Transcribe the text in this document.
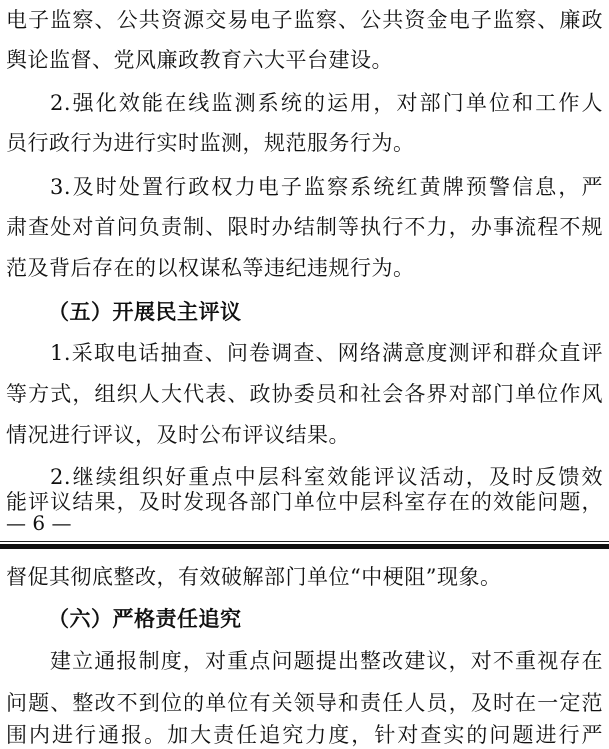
电子监察、公共资源交易电子监察、公共资金电子监察、廉政
舆论监督、党风廉政教育六大平台建设。
2.强化效能在线监测系统的运用，对部门单位和工作人
员行政行为进行实时监测，规范服务行为。
3.及时处置行政权力电子监察系统红黄牌预警信息，严
肃查处对首问负责制、限时办结制等执行不力，办事流程不规
范及背后存在的以权谋私等违纪违规行为。
（五）开展民主评议
1.采取电话抽查、问卷调查、网络满意度测评和群众直评
等方式，组织人大代表、政协委员和社会各界对部门单位作风
情况进行评议，及时公布评议结果。
2.继续组织好重点中层科室效能评议活动，及时反馈效
能评议结果，及时发现各部门单位中层科室存在的效能问题，
— 6 —
督促其彻底整改，有效破解部门单位“中梗阻”现象。
（六）严格责任追究
建立通报制度，对重点问题提出整改建议，对不重视存在
问题、整改不到位的单位有关领导和责任人员，及时在一定范
围内进行通报。加大责任追究力度，针对查实的问题进行严
